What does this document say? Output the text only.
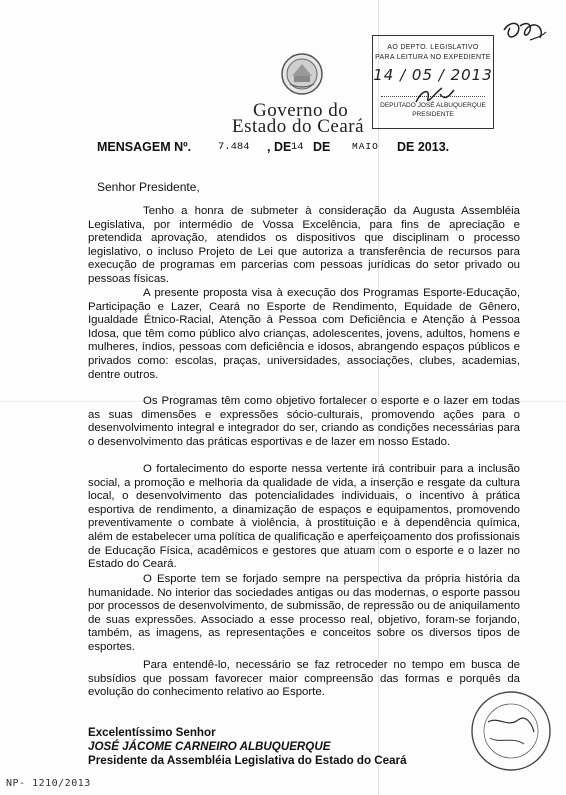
Governo do
Estado do Ceará
AO DEPTO. LEGISLATIVO
PARA LEITURA NO EXPEDIENTE
14 / 05 / 2013
DEPUTADO JOSÉ ALBUQUERQUE
PRESIDENTE
MENSAGEM Nº.	7.484 , DE 14 DE MAIO DE 2013.
Senhor Presidente,
Tenho a honra de submeter à consideração da Augusta Assembléia Legislativa, por intermédio de Vossa Excelência, para fins de apreciação e pretendida aprovação, atendidos os dispositivos que disciplinam o processo legislativo, o incluso Projeto de Lei que autoriza a transferência de recursos para execução de programas em parcerias com pessoas jurídicas do setor privado ou pessoas físicas.
A presente proposta visa à execução dos Programas Esporte-Educação, Participação e Lazer, Ceará no Esporte de Rendimento, Equidade de Gênero, Igualdade Étnico-Racial, Atenção à Pessoa com Deficiência e Atenção à Pessoa Idosa, que têm como público alvo crianças, adolescentes, jovens, adultos, homens e mulheres, índios, pessoas com deficiência e idosos, abrangendo espaços públicos e privados como: escolas, praças, universidades, associações, clubes, academias, dentre outros.
Os Programas têm como objetivo fortalecer o esporte e o lazer em todas as suas dimensões e expressões sócio-culturais, promovendo ações para o desenvolvimento integral e integrador do ser, criando as condições necessárias para o desenvolvimento das práticas esportivas e de lazer em nosso Estado.
O fortalecimento do esporte nessa vertente irá contribuir para a inclusão social, a promoção e melhoria da qualidade de vida, a inserção e resgate da cultura local, o desenvolvimento das potencialidades individuais, o incentivo à prática esportiva de rendimento, a dinamização de espaços e equipamentos, promovendo preventivamente o combate à violência, à prostituição e à dependência química, além de estabelecer uma política de qualificação e aperfeiçoamento dos profissionais de Educação Física, acadêmicos e gestores que atuam com o esporte e o lazer no Estado do Ceará.
O Esporte tem se forjado sempre na perspectiva da própria história da humanidade. No interior das sociedades antigas ou das modernas, o esporte passou por processos de desenvolvimento, de submissão, de repressão ou de aniquilamento de suas expressões. Associado a esse processo real, objetivo, foram-se forjando, também, as imagens, as representações e conceitos sobre os diversos tipos de esportes.
Para entendê-lo, necessário se faz retroceder no tempo em busca de subsídios que possam favorecer maior compreensão das formas e porquês da evolução do conhecimento relativo ao Esporte.
Excelentíssimo Senhor
JOSÉ JÁCOME CARNEIRO ALBUQUERQUE
Presidente da Assembléia Legislativa do Estado do Ceará
NP- 1210/2013
